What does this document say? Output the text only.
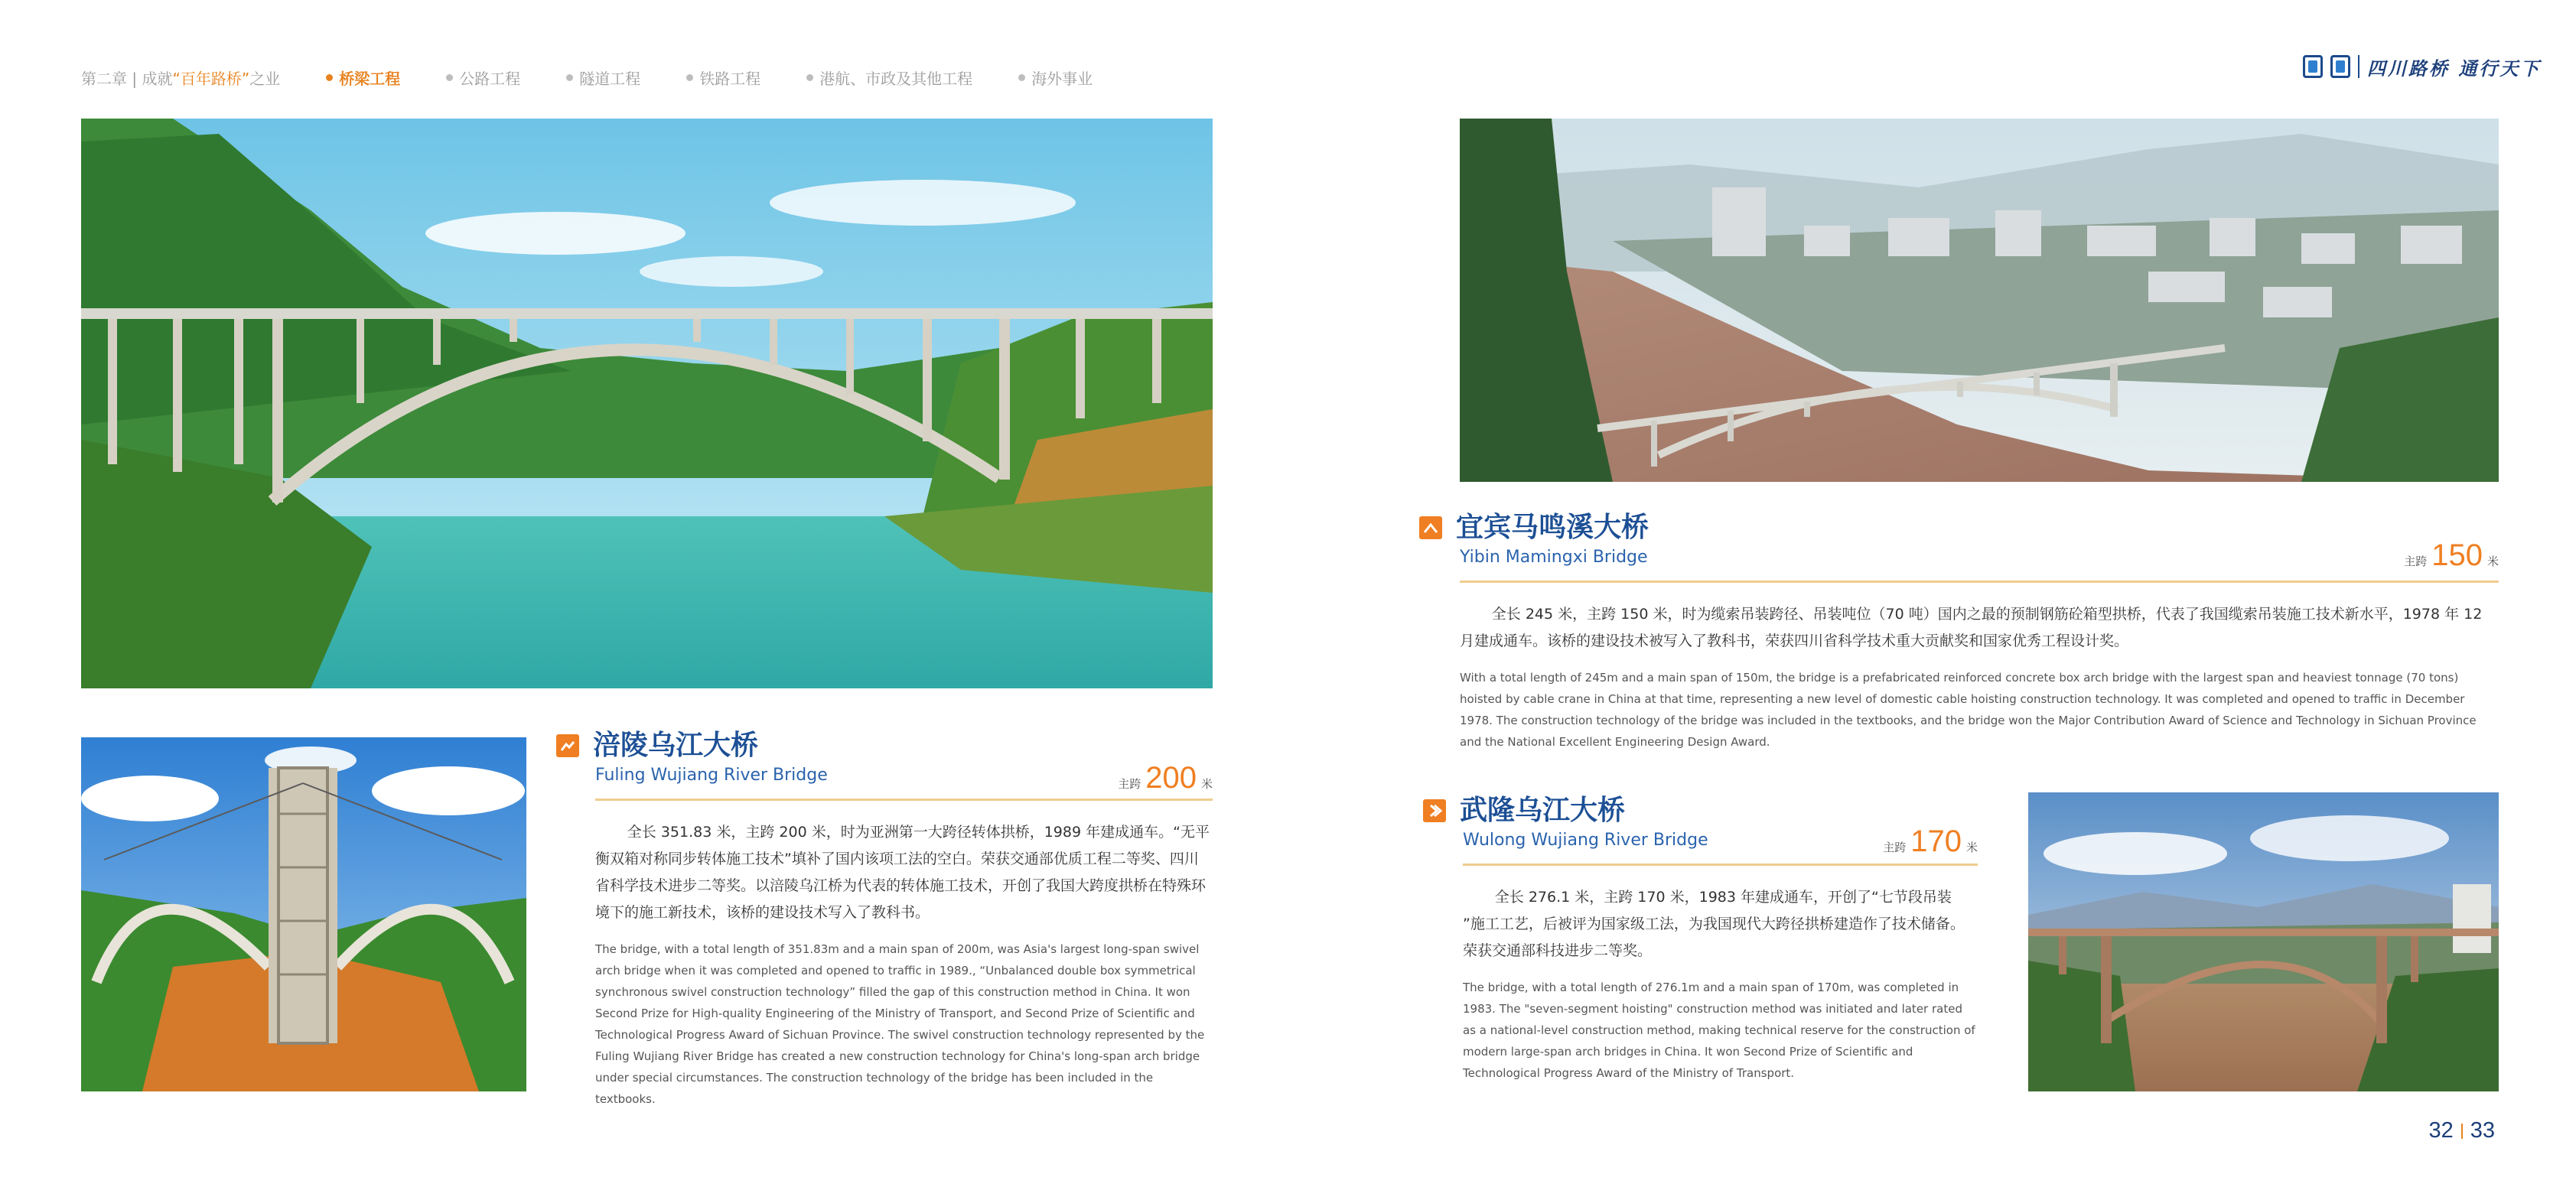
第二章 | 成就“百年路桥”之业	桥梁工程	公路工程	隧道工程	铁路工程	港航、市政及其他工程	海外事业	四川路桥 通行天下
涪陵乌江大桥
Fuling Wujiang River Bridge	主跨 200 米

全长 351.83 米，主跨 200 米，时为亚洲第一大跨径转体拱桥，1989 年建成通车。“无平衡双箱对称同步转体施工技术”填补了国内该项工法的空白。荣获交通部优质工程二等奖、四川省科学技术进步二等奖。以涪陵乌江桥为代表的转体施工技术，开创了我国大跨度拱桥在特殊环境下的施工新技术，该桥的建设技术写入了教科书。

The bridge, with a total length of 351.83m and a main span of 200m, was Asia's largest long-span swivel arch bridge when it was completed and opened to traffic in 1989., “Unbalanced double box symmetrical synchronous swivel construction technology” filled the gap of this construction method in China. It won Second Prize for High-quality Engineering of the Ministry of Transport, and Second Prize of Scientific and Technological Progress Award of Sichuan Province. The swivel construction technology represented by the Fuling Wujiang River Bridge has created a new construction technology for China's long-span arch bridge under special circumstances. The construction technology of the bridge has been included in the textbooks.

宜宾马鸣溪大桥
Yibin Mamingxi Bridge	主跨 150 米

全长 245 米，主跨 150 米，时为缆索吊装跨径、吊装吨位（70 吨）国内之最的预制钢筋砼箱型拱桥，代表了我国缆索吊装施工技术新水平，1978 年 12 月建成通车。该桥的建设技术被写入了教科书，荣获四川省科学技术重大贡献奖和国家优秀工程设计奖。

With a total length of 245m and a main span of 150m, the bridge is a prefabricated reinforced concrete box arch bridge with the largest span and heaviest tonnage (70 tons) hoisted by cable crane in China at that time, representing a new level of domestic cable hoisting construction technology. It was completed and opened to traffic in December 1978. The construction technology of the bridge was included in the textbooks, and the bridge won the Major Contribution Award of Science and Technology in Sichuan Province and the National Excellent Engineering Design Award.

武隆乌江大桥
Wulong Wujiang River Bridge	主跨 170 米

全长 276.1 米，主跨 170 米，1983 年建成通车，开创了“七节段吊装 ”施工工艺，后被评为国家级工法，为我国现代大跨径拱桥建造作了技术储备。荣获交通部科技进步二等奖。

The bridge, with a total length of 276.1m and a main span of 170m, was completed in 1983. The "seven-segment hoisting" construction method was initiated and later rated as a national-level construction method, making technical reserve for the construction of modern large-span arch bridges in China. It won Second Prize of Scientific and Technological Progress Award of the Ministry of Transport.

32 33
